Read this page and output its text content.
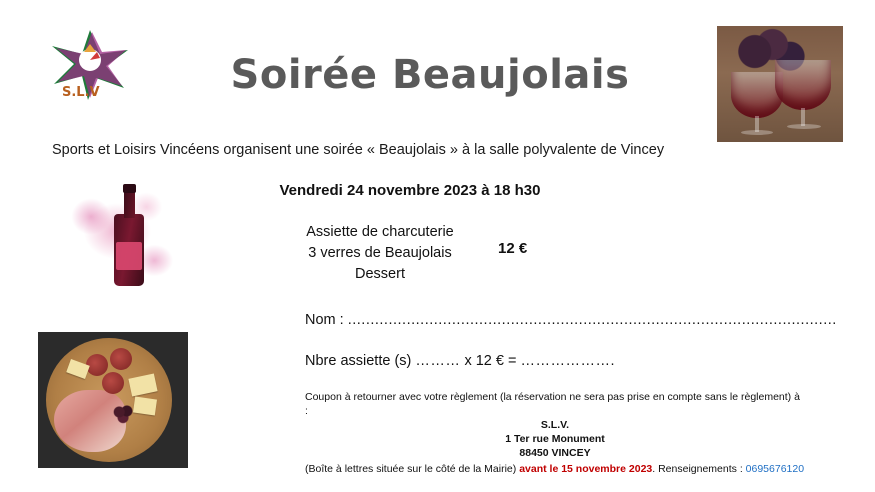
S.L.V	Soirée Beaujolais
Sports et Loisirs Vincéens organisent une soirée « Beaujolais » à la salle polyvalente de Vincey
Vendredi 24 novembre 2023 à 18 h30
Assiette de charcuterie
3 verres de Beaujolais
Dessert
12 €
Nom : ............................................................................................................
Nbre assiette (s) ……… x 12 € = ……………….
Coupon à retourner avec votre règlement (la réservation ne sera pas prise en compte sans le règlement) à :
S.L.V.
1 Ter rue Monument
88450 VINCEY
(Boîte à lettres située sur le côté de la Mairie) avant le 15 novembre 2023. Renseignements : 0695676120
